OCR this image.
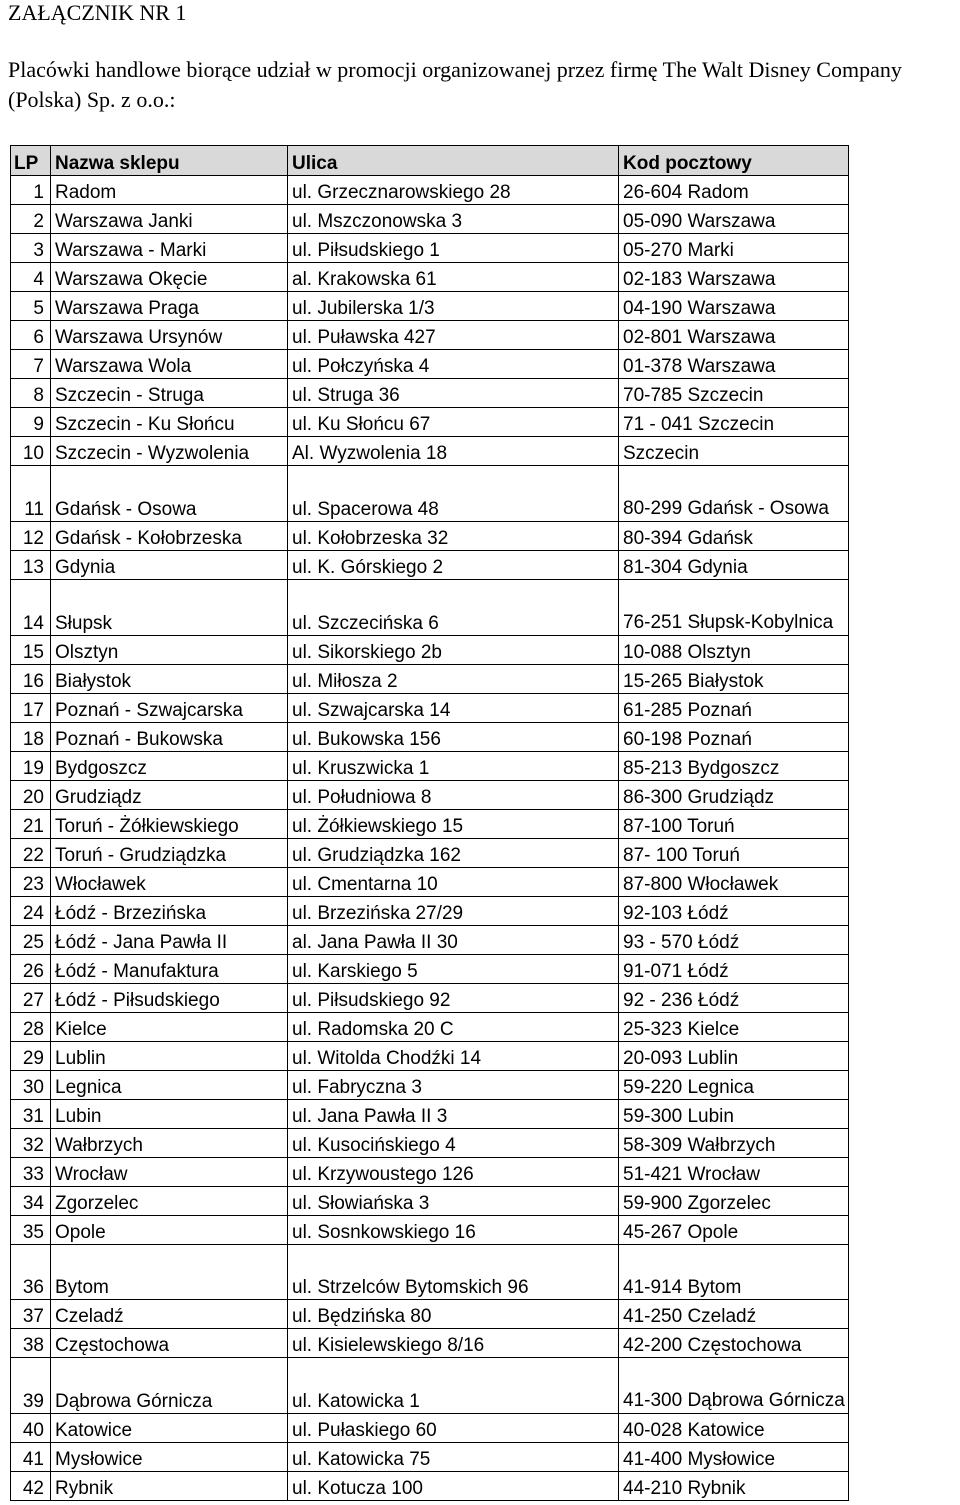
ZAŁĄCZNIK NR 1
Placówki handlowe biorące udział w promocji organizowanej przez firmę The Walt Disney Company (Polska) Sp. z o.o.:
LP	Nazwa sklepu	Ulica	Kod pocztowy
1	Radom	ul. Grzecznarowskiego 28	26-604 Radom
2	Warszawa Janki	ul. Mszczonowska 3	05-090 Warszawa
3	Warszawa - Marki	ul. Piłsudskiego 1	05-270 Marki
4	Warszawa Okęcie	al. Krakowska 61	02-183 Warszawa
5	Warszawa Praga	ul. Jubilerska 1/3	04-190 Warszawa
6	Warszawa Ursynów	ul. Puławska 427	02-801 Warszawa
7	Warszawa Wola	ul. Połczyńska 4	01-378 Warszawa
8	Szczecin - Struga	ul. Struga 36	70-785 Szczecin
9	Szczecin - Ku Słońcu	ul. Ku Słońcu 67	71 - 041 Szczecin
10	Szczecin - Wyzwolenia	Al. Wyzwolenia 18	Szczecin
11	Gdańsk - Osowa	ul. Spacerowa 48	80-299 Gdańsk - Osowa
12	Gdańsk - Kołobrzeska	ul. Kołobrzeska 32	80-394 Gdańsk
13	Gdynia	ul. K. Górskiego 2	81-304 Gdynia
14	Słupsk	ul. Szczecińska 6	76-251 Słupsk-Kobylnica
15	Olsztyn	ul. Sikorskiego 2b	10-088 Olsztyn
16	Białystok	ul. Miłosza 2	15-265 Białystok
17	Poznań - Szwajcarska	ul. Szwajcarska 14	61-285 Poznań
18	Poznań - Bukowska	ul. Bukowska 156	60-198 Poznań
19	Bydgoszcz	ul. Kruszwicka 1	85-213 Bydgoszcz
20	Grudziądz	ul. Południowa 8	86-300 Grudziądz
21	Toruń - Żółkiewskiego	ul. Żółkiewskiego 15	87-100 Toruń
22	Toruń - Grudziądzka	ul. Grudziądzka 162	87- 100 Toruń
23	Włocławek	ul. Cmentarna 10	87-800 Włocławek
24	Łódź - Brzezińska	ul. Brzezińska 27/29	92-103 Łódź
25	Łódź - Jana Pawła II	al. Jana Pawła II 30	93 - 570 Łódź
26	Łódź - Manufaktura	ul. Karskiego 5	91-071 Łódź
27	Łódź - Piłsudskiego	ul. Piłsudskiego 92	92 - 236 Łódź
28	Kielce	ul. Radomska 20 C	25-323 Kielce
29	Lublin	ul. Witolda Chodźki 14	20-093 Lublin
30	Legnica	ul. Fabryczna 3	59-220 Legnica
31	Lubin	ul. Jana Pawła II 3	59-300 Lubin
32	Wałbrzych	ul. Kusocińskiego 4	58-309 Wałbrzych
33	Wrocław	ul. Krzywoustego 126	51-421 Wrocław
34	Zgorzelec	ul. Słowiańska 3	59-900 Zgorzelec
35	Opole	ul. Sosnkowskiego 16	45-267 Opole
36	Bytom	ul. Strzelców Bytomskich 96	41-914 Bytom
37	Czeladź	ul. Będzińska 80	41-250 Czeladź
38	Częstochowa	ul. Kisielewskiego 8/16	42-200 Częstochowa
39	Dąbrowa Górnicza	ul. Katowicka 1	41-300 Dąbrowa Górnicza
40	Katowice	ul. Pułaskiego 60	40-028 Katowice
41	Mysłowice	ul. Katowicka 75	41-400 Mysłowice
42	Rybnik	ul. Kotucza 100	44-210 Rybnik
